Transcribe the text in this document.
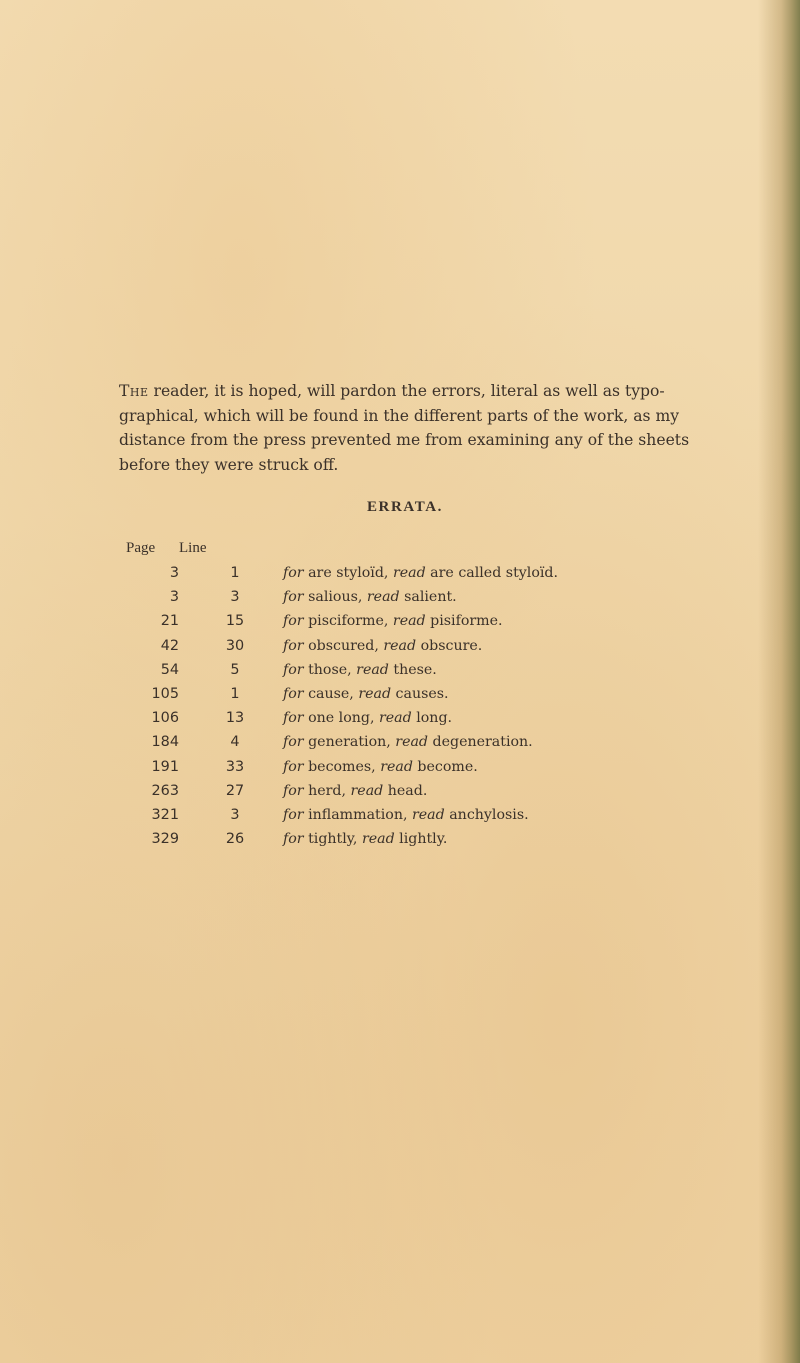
The reader, it is hoped, will pardon the errors, literal as well as typo-graphical, which will be found in the different parts of the work, as my distance from the press prevented me from examining any of the sheets before they were struck off.

ERRATA.
Page	Line	
3	1	for are styloïd, read are called styloïd.
3	3	for salious, read salient.
21	15	for pisciforme, read pisiforme.
42	30	for obscured, read obscure.
54	5	for those, read these.
105	1	for cause, read causes.
106	13	for one long, read long.
184	4	for generation, read degeneration.
191	33	for becomes, read become.
263	27	for herd, read head.
321	3	for inflammation, read anchylosis.
329	26	for tightly, read lightly.
